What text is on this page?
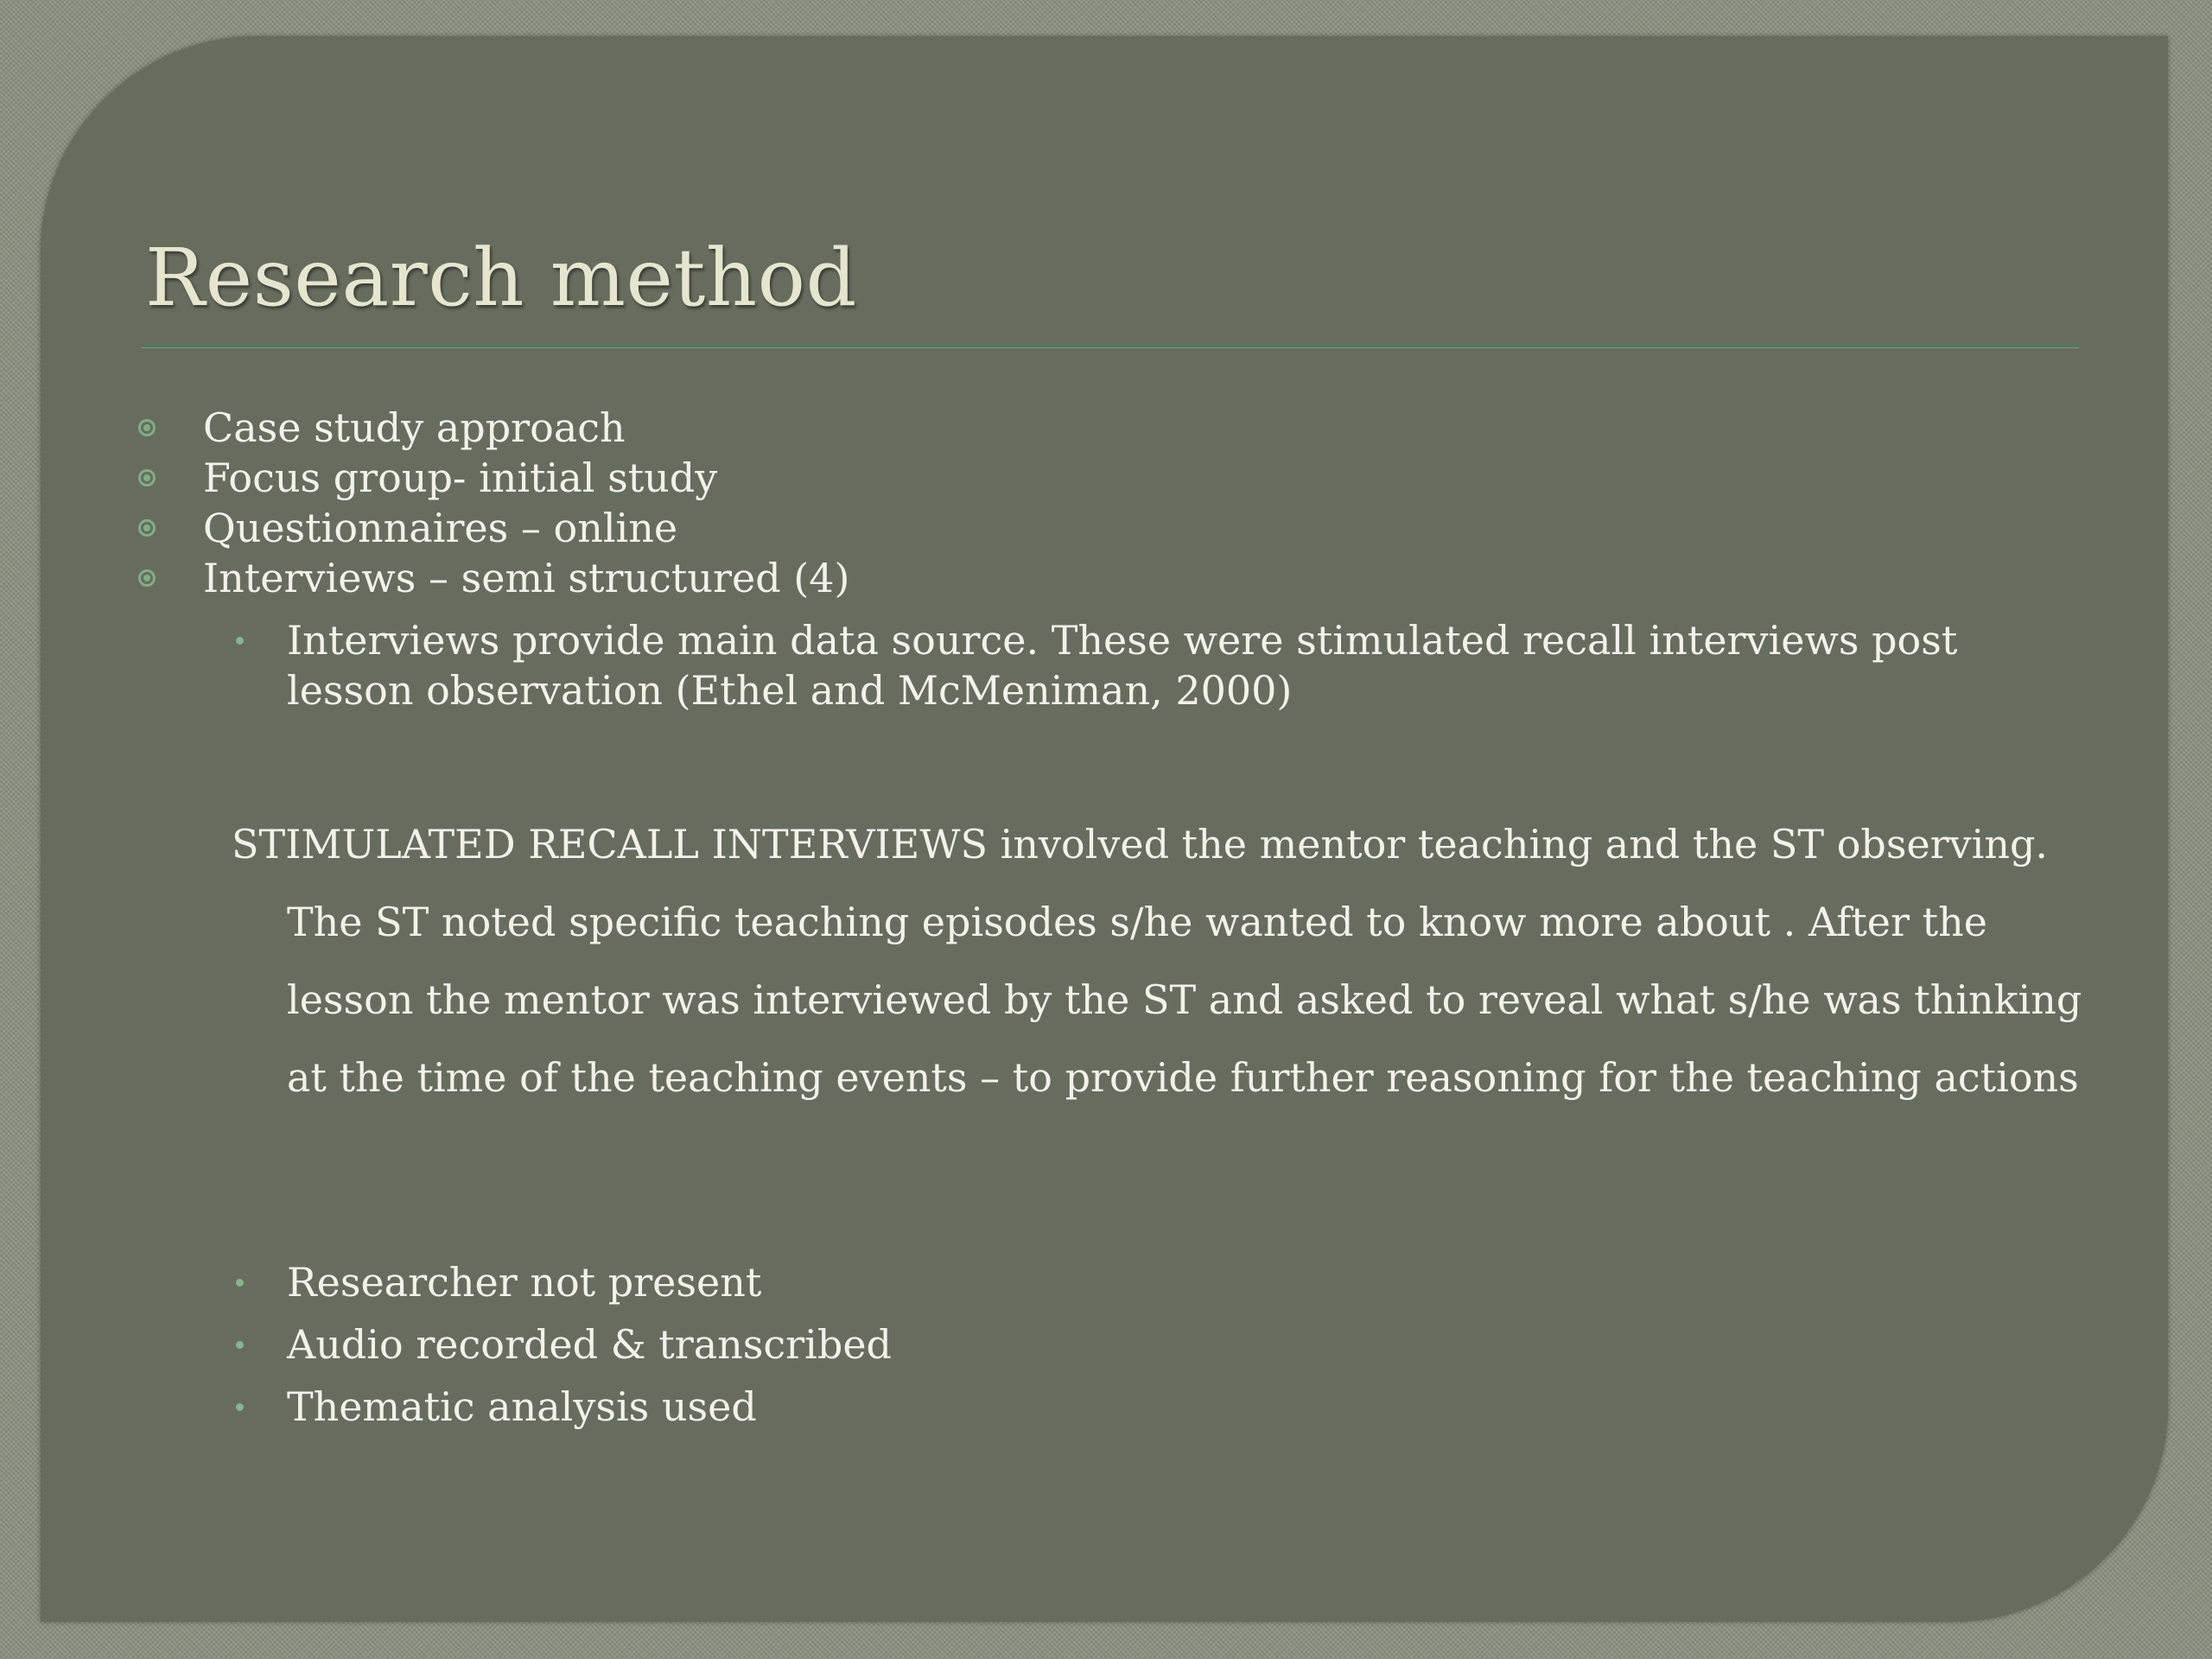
Research method
Case study approach
Focus group- initial study
Questionnaires – online
Interviews – semi structured (4)
Interviews provide main data source. These were stimulated recall interviews post lesson observation (Ethel and McMeniman, 2000)

STIMULATED RECALL INTERVIEWS involved the mentor teaching and the ST observing. The ST noted specific teaching episodes s/he wanted to know more about . After the lesson the mentor was interviewed by the ST and asked to reveal what s/he was thinking at the time of the teaching events – to provide further reasoning for the teaching actions

Researcher not present
Audio recorded & transcribed
Thematic analysis used
